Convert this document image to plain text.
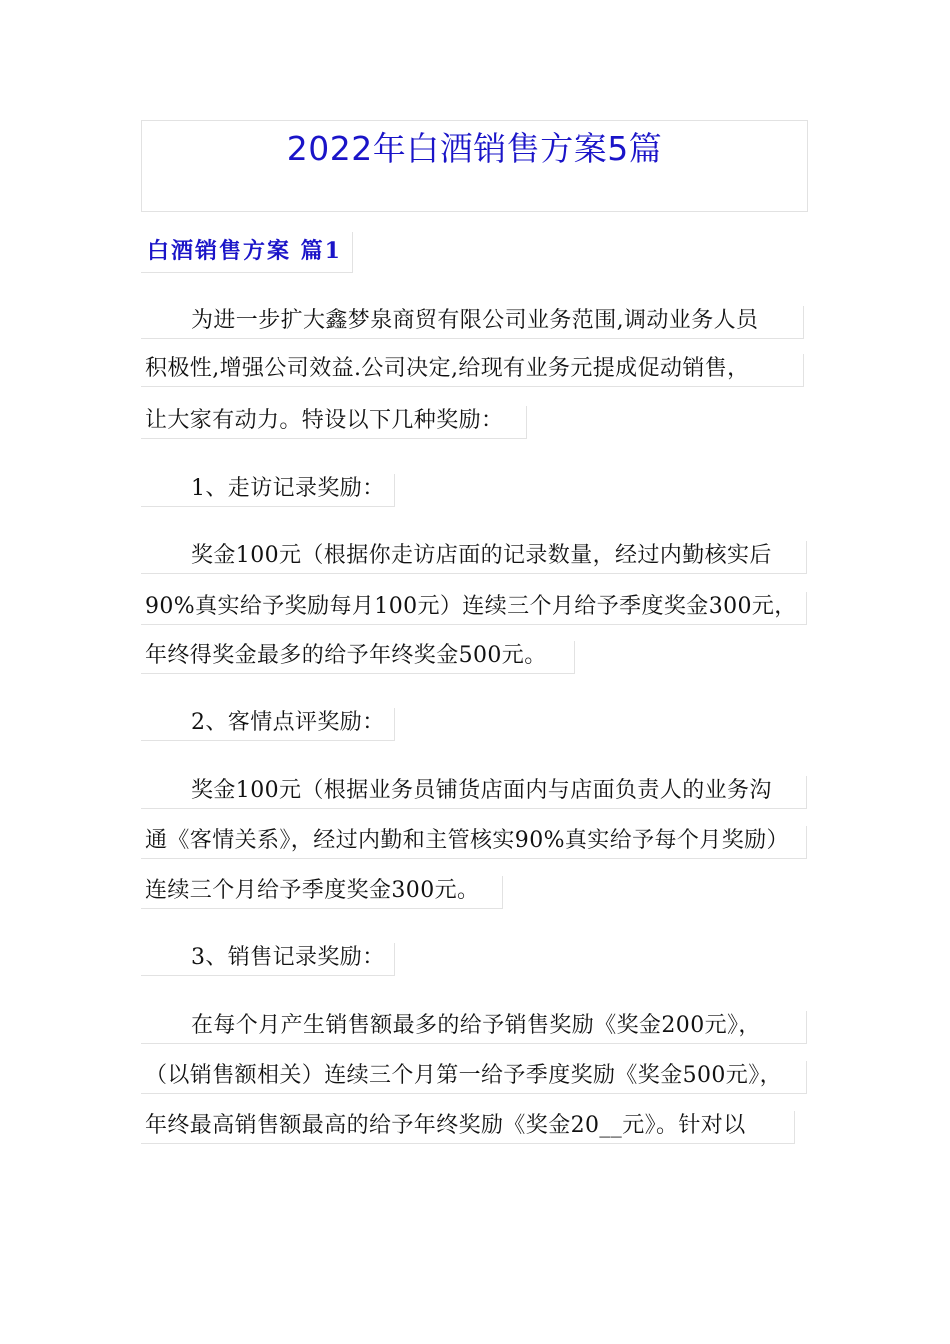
2022年白酒销售方案5篇
白酒销售方案 篇1
为进一步扩大鑫梦泉商贸有限公司业务范围,调动业务人员
积极性,增强公司效益.公司决定,给现有业务元提成促动销售，
让大家有动力。特设以下几种奖励：
1、走访记录奖励：
奖金100元（根据你走访店面的记录数量，经过内勤核实后
90%真实给予奖励每月100元）连续三个月给予季度奖金300元，
年终得奖金最多的给予年终奖金500元。
2、客情点评奖励：
奖金100元（根据业务员铺货店面内与店面负责人的业务沟
通《客情关系》，经过内勤和主管核实90%真实给予每个月奖励）
连续三个月给予季度奖金300元。
3、销售记录奖励：
在每个月产生销售额最多的给予销售奖励《奖金200元》，
（以销售额相关）连续三个月第一给予季度奖励《奖金500元》，
年终最高销售额最高的给予年终奖励《奖金20__元》。针对以
